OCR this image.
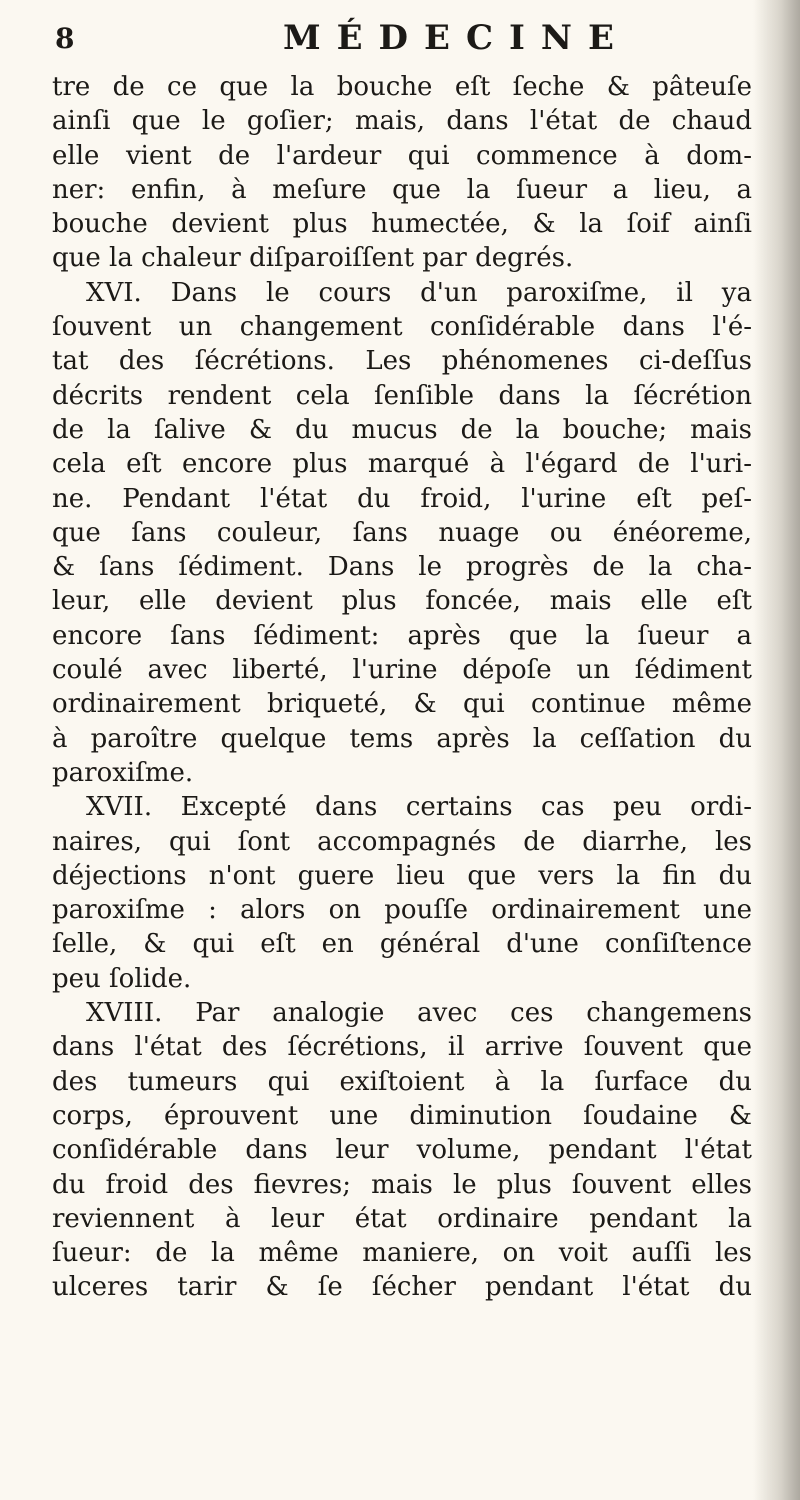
8	MÉDECINE
tre de ce que la bouche eſt ſeche & pâteuſe
ainſi que le goſier; mais, dans l'état de chaud
elle vient de l'ardeur qui commence à dom-
ner: enfin, à meſure que la ſueur a lieu, a
bouche devient plus humectée, & la ſoif ainſi
que la chaleur diſparoiſſent par degrés.
XVI. Dans le cours d'un paroxiſme, il ya
ſouvent un changement conſidérable dans l'é-
tat des ſécrétions. Les phénomenes ci-deſſus
décrits rendent cela ſenſible dans la ſécrétion
de la ſalive & du mucus de la bouche; mais
cela eſt encore plus marqué à l'égard de l'uri-
ne. Pendant l'état du froid, l'urine eſt peſ-
que ſans couleur, ſans nuage ou énéoreme,
& ſans ſédiment. Dans le progrès de la cha-
leur, elle devient plus foncée, mais elle eſt
encore ſans ſédiment: après que la ſueur a
coulé avec liberté, l'urine dépoſe un ſédiment
ordinairement briqueté, & qui continue même
à paroître quelque tems après la ceſſation du
paroxiſme.
XVII. Excepté dans certains cas peu ordi-
naires, qui ſont accompagnés de diarrhe, les
déjections n'ont guere lieu que vers la fin du
paroxiſme : alors on pouſſe ordinairement une
ſelle, & qui eſt en général d'une conſiſtence
peu ſolide.
XVIII. Par analogie avec ces changemens
dans l'état des ſécrétions, il arrive ſouvent que
des tumeurs qui exiſtoient à la ſurface du
corps, éprouvent une diminution ſoudaine &
conſidérable dans leur volume, pendant l'état
du froid des fievres; mais le plus ſouvent elles
reviennent à leur état ordinaire pendant la
ſueur: de la même maniere, on voit auſſi les
ulceres tarir & ſe ſécher pendant l'état du
